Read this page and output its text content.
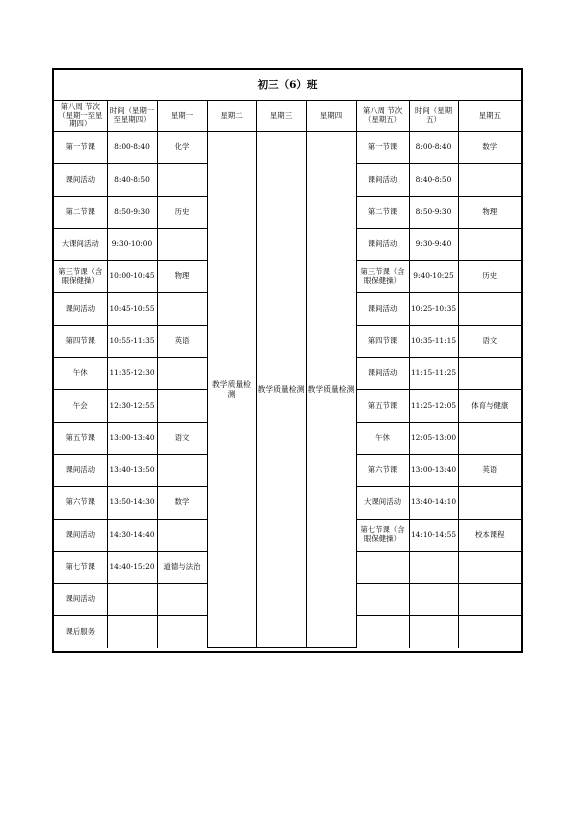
初三（6）班								
第八周 节次（星期一至星期四）	时间（星期一至星期四）	星期一	星期二	星期三	星期四	第八周 节次（星期五）	时间（星期五）	星期五
第一节课	8:00-8:40	化学	教学质量检测	教学质量检测	教学质量检测	第一节课	8:00-8:40	数学
课间活动	8:40-8:50					课间活动	8:40-8:50	
第二节课	8:50-9:30	历史				第二节课	8:50-9:30	物理
大课间活动	9:30-10:00					课间活动	9:30-9:40	
第三节课（含眼保健操）	10:00-10:45	物理				第三节课（含眼保健操）	9:40-10:25	历史
课间活动	10:45-10:55					课间活动	10:25-10:35	
第四节课	10:55-11:35	英语				第四节课	10:35-11:15	语文
午休	11:35-12:30					课间活动	11:15-11:25	
午会	12:30-12:55					第五节课	11:25-12:05	体育与健康
第五节课	13:00-13:40	语文				午休	12:05-13:00	
课间活动	13:40-13:50					第六节课	13:00-13:40	英语
第六节课	13:50-14:30	数学				大课间活动	13:40-14:10	
课间活动	14:30-14:40					第七节课（含眼保健操）	14:10-14:55	校本课程
第七节课	14:40-15:20	道德与法治						
课间活动								
课后服务								
